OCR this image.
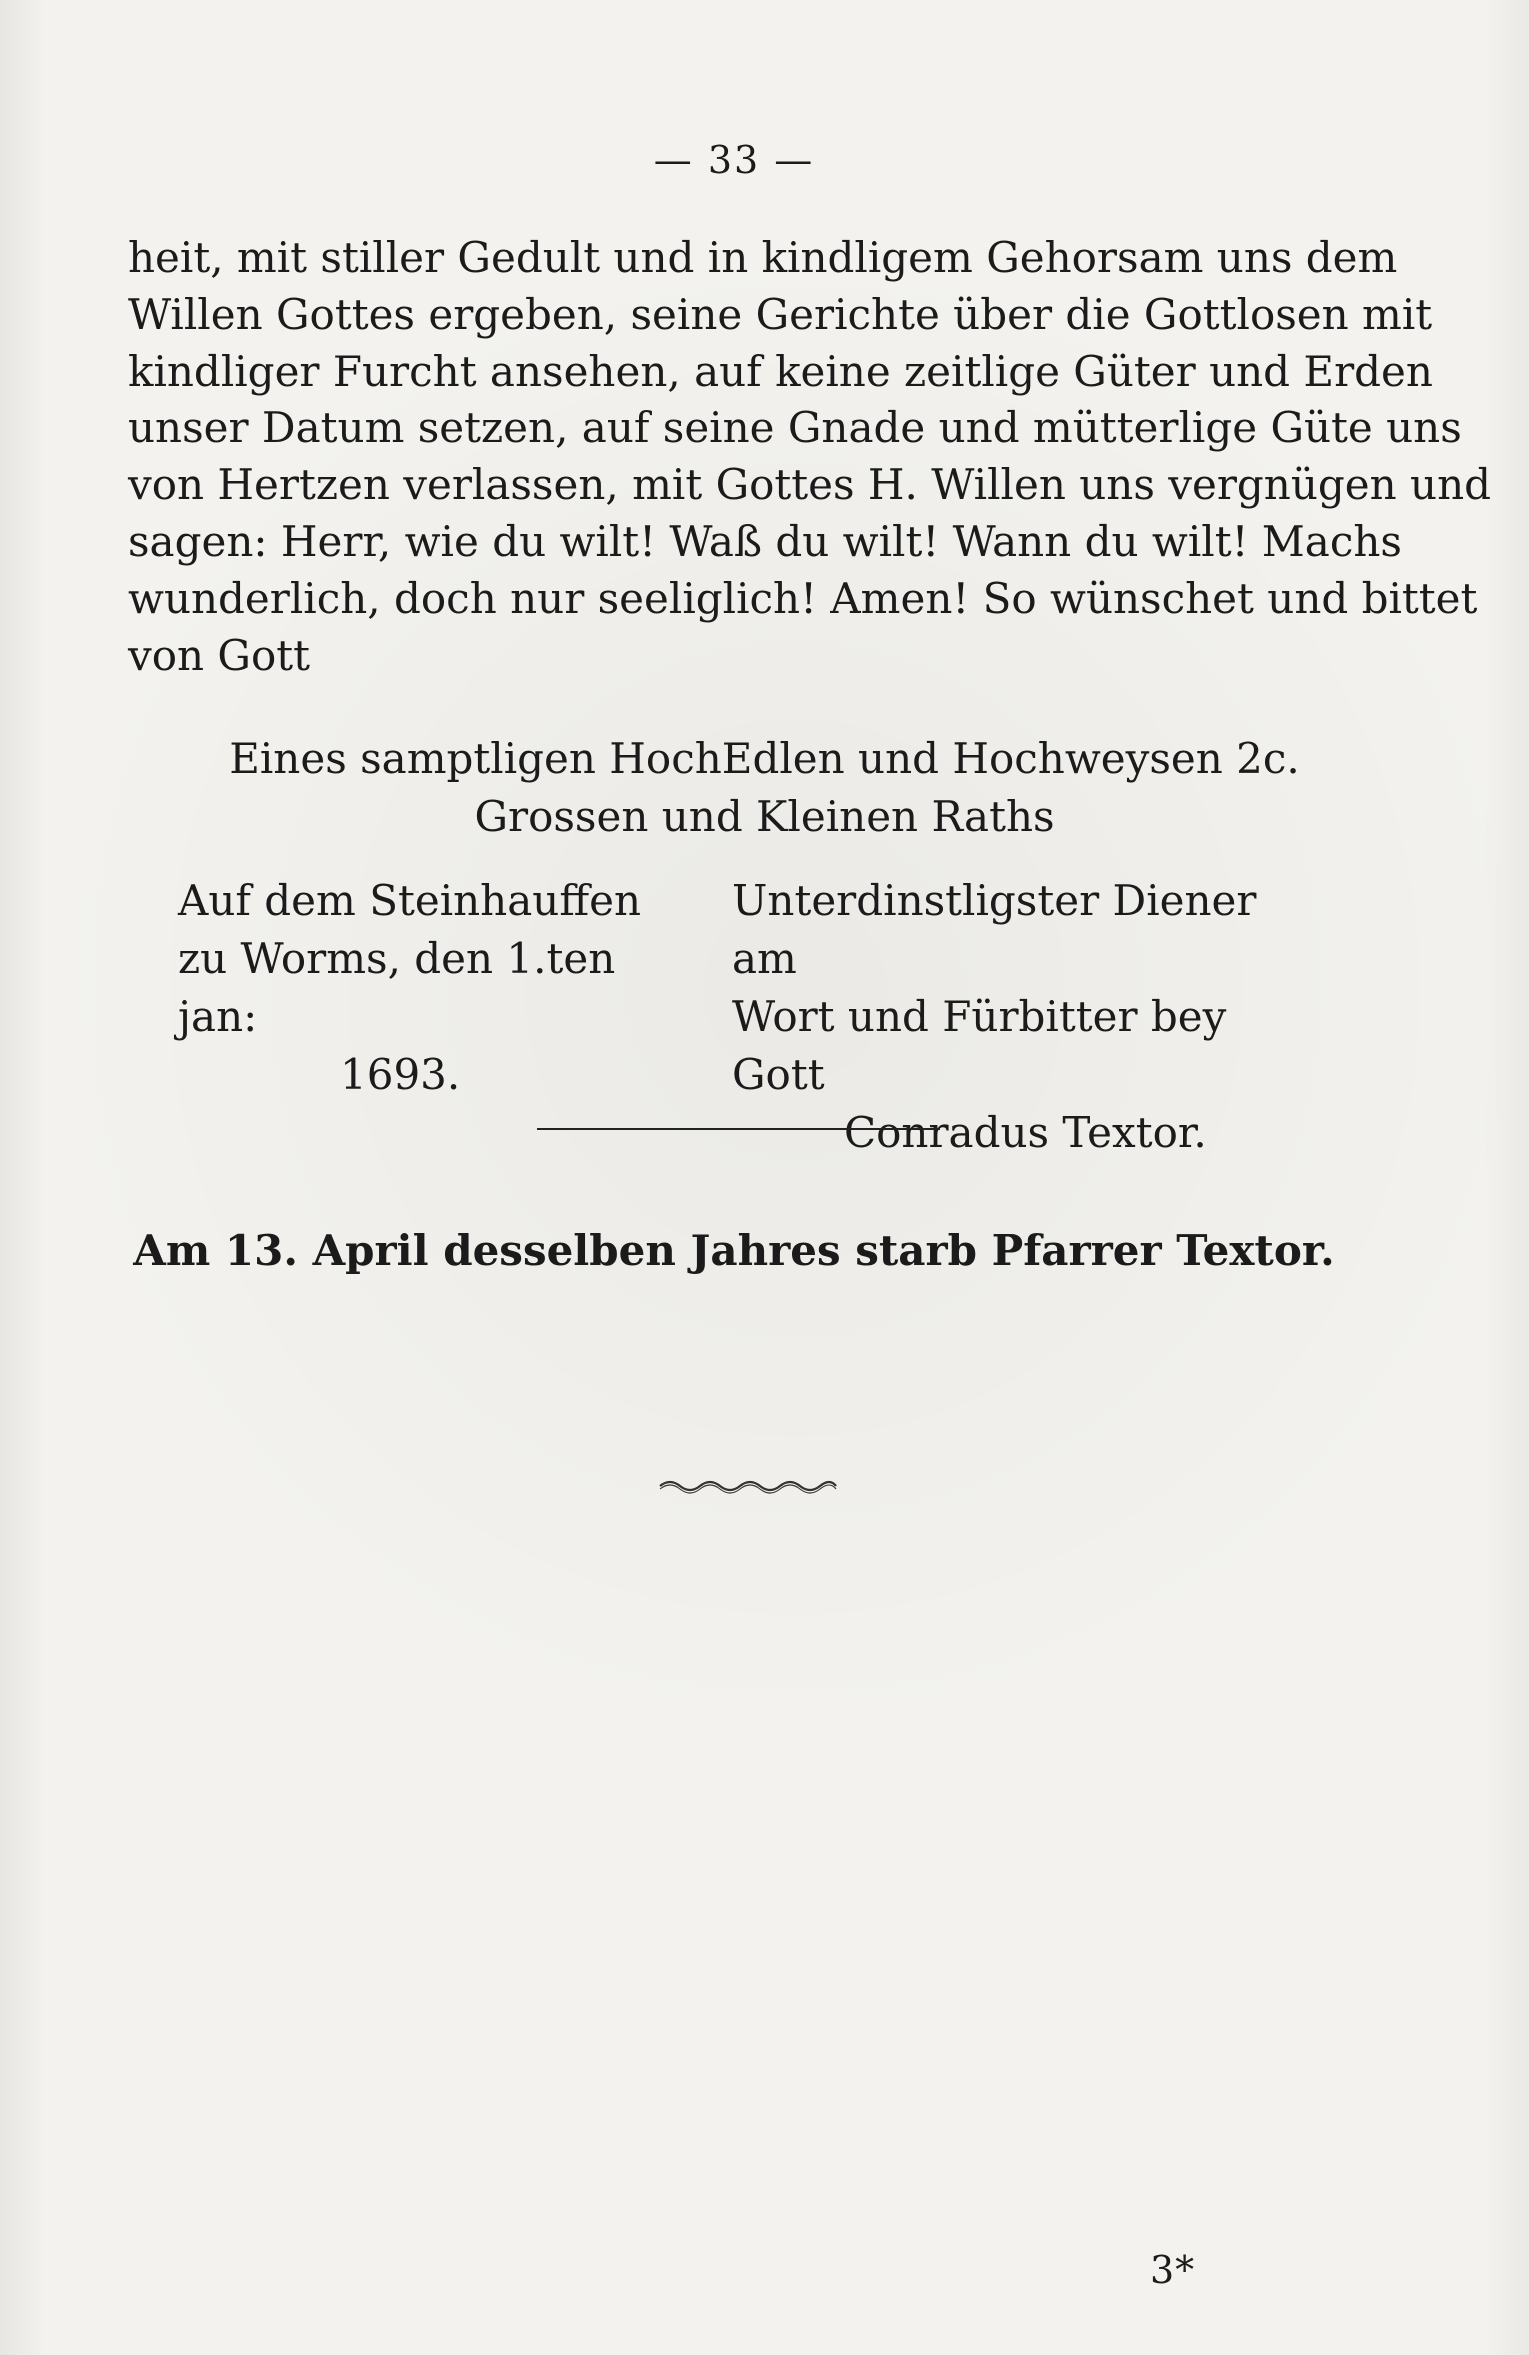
— 33 —
heit, mit stiller Gedult und in kindligem Gehorsam uns dem
Willen Gottes ergeben, seine Gerichte über die Gottlosen mit
kindliger Furcht ansehen, auf keine zeitlige Güter und Erden
unser Datum setzen, auf seine Gnade und mütterlige Güte uns
von Hertzen verlassen, mit Gottes H. Willen uns vergnügen und
sagen: Herr, wie du wilt! Waß du wilt! Wann du wilt! Machs
wunderlich, doch nur seeliglich! Amen! So wünschet und bittet
von Gott
Eines samptligen HochEdlen und Hochweysen 2c.
Grossen und Kleinen Raths
Auf dem Steinhauffen
zu Worms, den 1.ten jan:
1693.
Unterdinstligster Diener am
Wort und Fürbitter bey Gott
Conradus Textor.
Am 13. April desselben Jahres starb Pfarrer Textor.
3*
